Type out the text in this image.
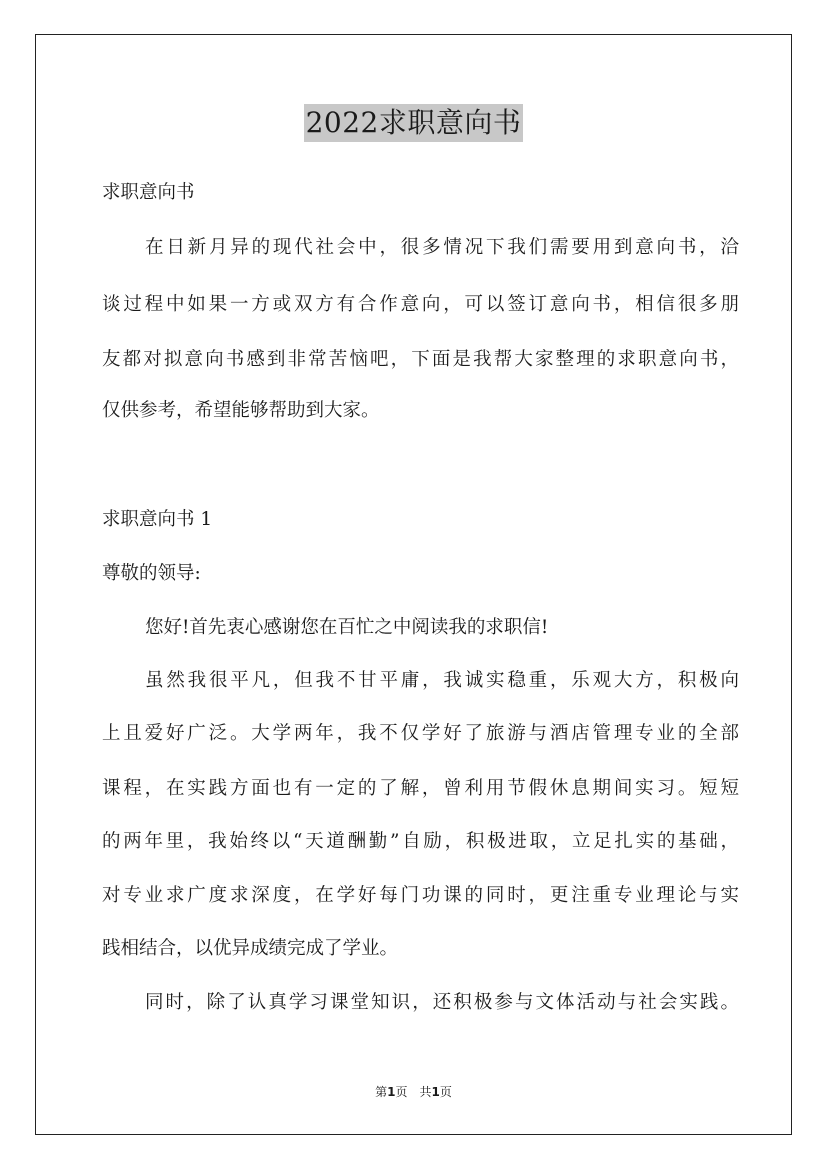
2022求职意向书
求职意向书
在日新月异的现代社会中，很多情况下我们需要用到意向书，洽
谈过程中如果一方或双方有合作意向，可以签订意向书，相信很多朋
友都对拟意向书感到非常苦恼吧，下面是我帮大家整理的求职意向书，
仅供参考，希望能够帮助到大家。
求职意向书 1
尊敬的领导:
您好!首先衷心感谢您在百忙之中阅读我的求职信!
虽然我很平凡，但我不甘平庸，我诚实稳重，乐观大方，积极向
上且爱好广泛。大学两年，我不仅学好了旅游与酒店管理专业的全部
课程，在实践方面也有一定的了解，曾利用节假休息期间实习。短短
的两年里，我始终以“天道酬勤”自励，积极进取，立足扎实的基础，
对专业求广度求深度，在学好每门功课的同时，更注重专业理论与实
践相结合，以优异成绩完成了学业。
同时，除了认真学习课堂知识，还积极参与文体活动与社会实践。
第1页　共1页
